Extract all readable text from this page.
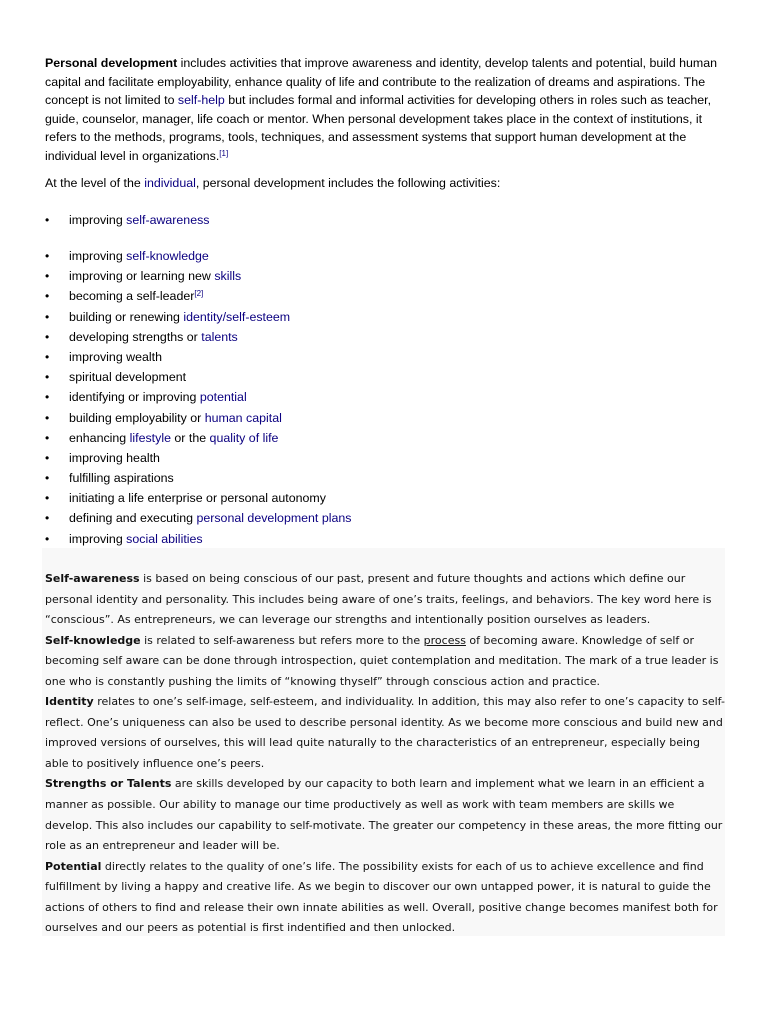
Personal development includes activities that improve awareness and identity, develop talents and potential, build human capital and facilitate employability, enhance quality of life and contribute to the realization of dreams and aspirations. The concept is not limited to self-help but includes formal and informal activities for developing others in roles such as teacher, guide, counselor, manager, life coach or mentor. When personal development takes place in the context of institutions, it refers to the methods, programs, tools, techniques, and assessment systems that support human development at the individual level in organizations.[1]

At the level of the individual, personal development includes the following activities:

• improving self-awareness
• improving self-knowledge
• improving or learning new skills
• becoming a self-leader[2]
• building or renewing identity/self-esteem
• developing strengths or talents
• improving wealth
• spiritual development
• identifying or improving potential
• building employability or human capital
• enhancing lifestyle or the quality of life
• improving health
• fulfilling aspirations
• initiating a life enterprise or personal autonomy
• defining and executing personal development plans
• improving social abilities

Self-awareness is based on being conscious of our past, present and future thoughts and actions which define our personal identity and personality. This includes being aware of one’s traits, feelings, and behaviors. The key word here is “conscious”. As entrepreneurs, we can leverage our strengths and intentionally position ourselves as leaders.

Self-knowledge is related to self-awareness but refers more to the process of becoming aware. Knowledge of self or becoming self aware can be done through introspection, quiet contemplation and meditation. The mark of a true leader is one who is constantly pushing the limits of “knowing thyself” through conscious action and practice.

Identity relates to one’s self-image, self-esteem, and individuality. In addition, this may also refer to one’s capacity to self-reflect. One’s uniqueness can also be used to describe personal identity. As we become more conscious and build new and improved versions of ourselves, this will lead quite naturally to the characteristics of an entrepreneur, especially being able to positively influence one’s peers.

Strengths or Talents are skills developed by our capacity to both learn and implement what we learn in an efficient a manner as possible. Our ability to manage our time productively as well as work with team members are skills we develop. This also includes our capability to self-motivate. The greater our competency in these areas, the more fitting our role as an entrepreneur and leader will be.

Potential directly relates to the quality of one’s life. The possibility exists for each of us to achieve excellence and find fulfillment by living a happy and creative life. As we begin to discover our own untapped power, it is natural to guide the actions of others to find and release their own innate abilities as well. Overall, positive change becomes manifest both for ourselves and our peers as potential is first indentified and then unlocked.
